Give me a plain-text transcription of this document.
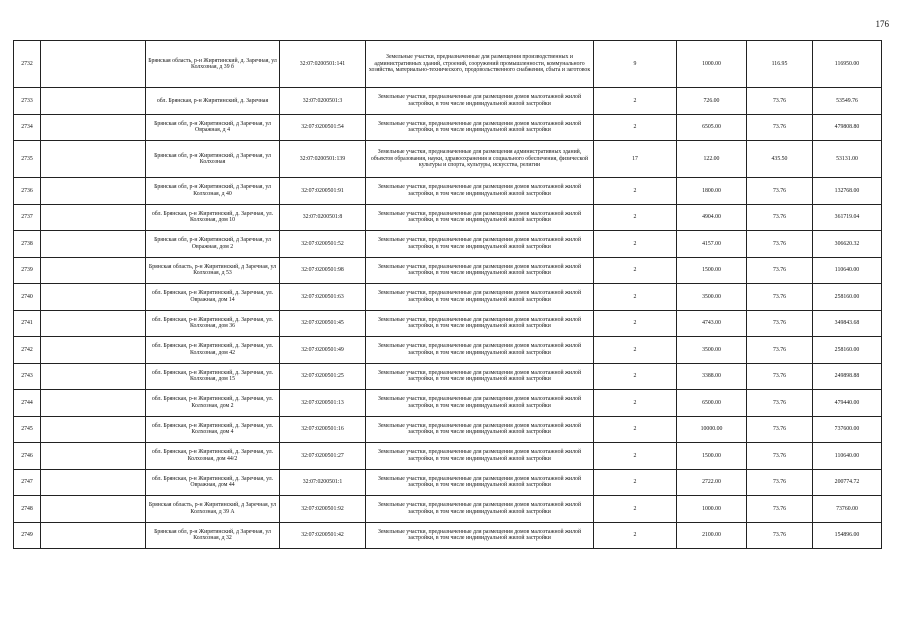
176
2732		Брянская область, р-н Жирятинский, д. Заречная, ул Колхозная, д 39 б	32:07:0200501:141	Земельные участки, предназначенные для размещения производственных и административных зданий, строений, сооружений промышленности, коммунального хозяйства, материально-технического, продовольственного снабжения, сбыта и заготовок	9	1000.00	116.95	116950.00
2733		обл. Брянская, р-н Жирятинский, д. Заречная	32:07:0200501:3	Земельные участки, предназначенные для размещения домов малоэтажной жилой застройки, в том числе индивидуальной жилой застройки	2	726.00	73.76	53549.76
2734		Брянская обл, р-н Жирятинский, д Заречная, ул Овражная, д 4	32:07:0200501:54	Земельные участки, предназначенные для размещения домов малоэтажной жилой застройки, в том числе индивидуальной жилой застройки	2	6505.00	73.76	479808.80
2735		Брянская обл, р-н Жирятинский, д Заречная, ул Колхозная	32:07:0200501:139	Земельные участки, предназначенные для размещения административных зданий, объектов образования, науки, здравоохранения и социального обеспечения, физической культуры и спорта, культуры, искусства, религии	17	122.00	435.50	53131.00
2736		Брянская обл, р-н Жирятинский, д Заречная, ул Колхозная, д 40	32:07:0200501:91	Земельные участки, предназначенные для размещения домов малоэтажной жилой застройки, в том числе индивидуальной жилой застройки	2	1800.00	73.76	132768.00
2737		обл. Брянская, р-н Жирятинский, д. Заречная, ул. Колхозная, дом 10	32:07:0200501:8	Земельные участки, предназначенные для размещения домов малоэтажной жилой застройки, в том числе индивидуальной жилой застройки	2	4904.00	73.76	361719.04
2738		Брянская обл, р-н Жирятинский, д Заречная, ул Овражная, дом 2	32:07:0200501:52	Земельные участки, предназначенные для размещения домов малоэтажной жилой застройки, в том числе индивидуальной жилой застройки	2	4157.00	73.76	306620.32
2739		Брянская область, р-н Жирятинский, д Заречная, ул Колхозная, д 53	32:07:0200501:98	Земельные участки, предназначенные для размещения домов малоэтажной жилой застройки, в том числе индивидуальной жилой застройки	2	1500.00	73.76	110640.00
2740		обл. Брянская, р-н Жирятинский, д. Заречная, ул. Овражная, дом 14	32:07:0200501:63	Земельные участки, предназначенные для размещения домов малоэтажной жилой застройки, в том числе индивидуальной жилой застройки	2	3500.00	73.76	258160.00
2741		обл. Брянская, р-н Жирятинский, д. Заречная, ул. Колхозная, дом 36	32:07:0200501:45	Земельные участки, предназначенные для размещения домов малоэтажной жилой застройки, в том числе индивидуальной жилой застройки	2	4743.00	73.76	349843.68
2742		обл. Брянская, р-н Жирятинский, д. Заречная, ул. Колхозная, дом 42	32:07:0200501:49	Земельные участки, предназначенные для размещения домов малоэтажной жилой застройки, в том числе индивидуальной жилой застройки	2	3500.00	73.76	258160.00
2743		обл. Брянская, р-н Жирятинский, д. Заречная, ул. Колхозная, дом 15	32:07:0200501:25	Земельные участки, предназначенные для размещения домов малоэтажной жилой застройки, в том числе индивидуальной жилой застройки	2	3388.00	73.76	249898.88
2744		обл. Брянская, р-н Жирятинский, д. Заречная, ул. Колхозная, дом 2	32:07:0200501:13	Земельные участки, предназначенные для размещения домов малоэтажной жилой застройки, в том числе индивидуальной жилой застройки	2	6500.00	73.76	479440.00
2745		обл. Брянская, р-н Жирятинский, д. Заречная, ул. Колхозная, дом 4	32:07:0200501:16	Земельные участки, предназначенные для размещения домов малоэтажной жилой застройки, в том числе индивидуальной жилой застройки	2	10000.00	73.76	737600.00
2746		обл. Брянская, р-н Жирятинский, д. Заречная, ул. Колхозная, дом 44/2	32:07:0200501:27	Земельные участки, предназначенные для размещения домов малоэтажной жилой застройки, в том числе индивидуальной жилой застройки	2	1500.00	73.76	110640.00
2747		обл. Брянская, р-н Жирятинский, д. Заречная, ул. Овражная, дом 44	32:07:0200501:1	Земельные участки, предназначенные для размещения домов малоэтажной жилой застройки, в том числе индивидуальной жилой застройки	2	2722.00	73.76	200774.72
2748		Брянская область, р-н Жирятинский, д Заречная, ул Колхозная, д 39 А	32:07:0200501:92	Земельные участки, предназначенные для размещения домов малоэтажной жилой застройки, в том числе индивидуальной жилой застройки	2	1000.00	73.76	73760.00
2749		Брянская обл, р-н Жирятинский, д Заречная, ул Колхозная, д 32	32:07:0200501:42	Земельные участки, предназначенные для размещения домов малоэтажной жилой застройки, в том числе индивидуальной жилой застройки	2	2100.00	73.76	154896.00
